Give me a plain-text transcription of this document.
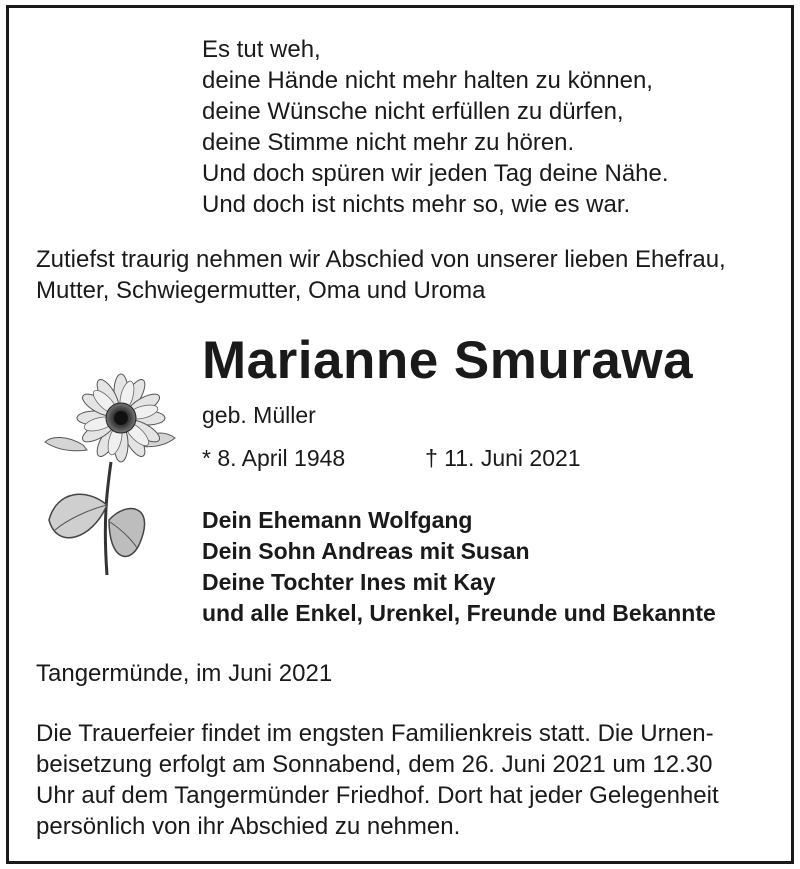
Es tut weh,
deine Hände nicht mehr halten zu können,
deine Wünsche nicht erfüllen zu dürfen,
deine Stimme nicht mehr zu hören.
Und doch spüren wir jeden Tag deine Nähe.
Und doch ist nichts mehr so, wie es war.
Zutiefst traurig nehmen wir Abschied von unserer lieben Ehefrau,
Mutter, Schwiegermutter, Oma und Uroma
Marianne Smurawa
geb. Müller
* 8. April 1948	† 11. Juni 2021
Dein Ehemann Wolfgang
Dein Sohn Andreas mit Susan
Deine Tochter Ines mit Kay
und alle Enkel, Urenkel, Freunde und Bekannte
Tangermünde, im Juni 2021
Die Trauerfeier findet im engsten Familienkreis statt. Die Urnen-
beisetzung erfolgt am Sonnabend, dem 26. Juni 2021 um 12.30
Uhr auf dem Tangermünder Friedhof. Dort hat jeder Gelegenheit
persönlich von ihr Abschied zu nehmen.
